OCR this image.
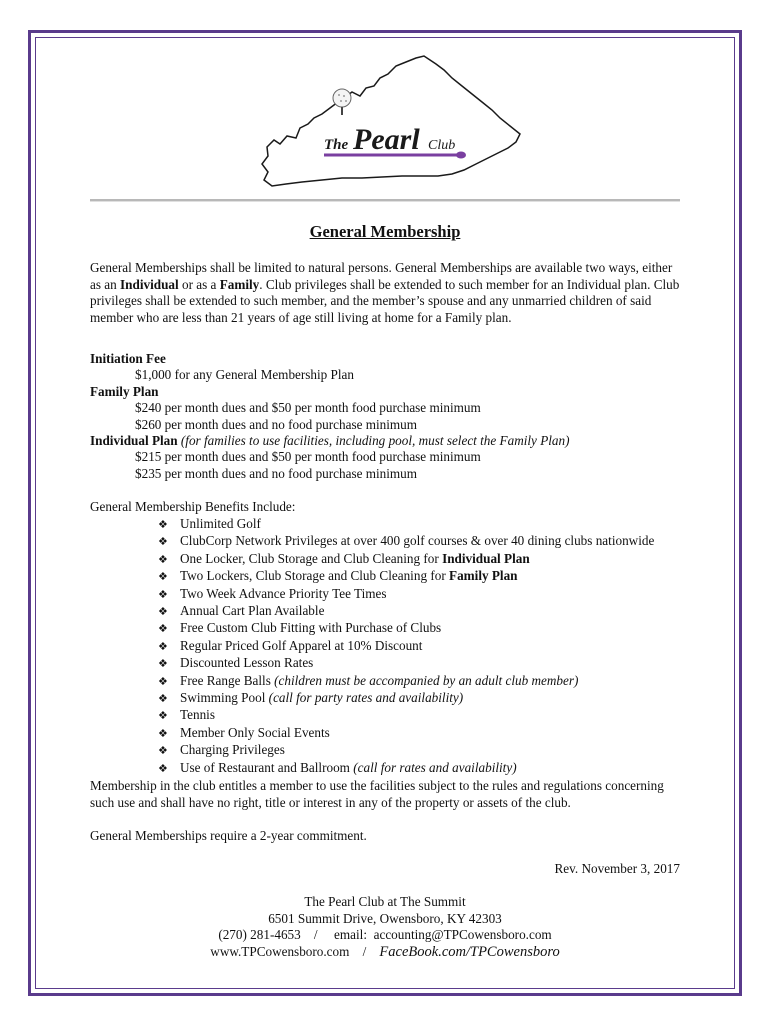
The Pearl Club
General Membership
General Memberships shall be limited to natural persons. General Memberships are available two ways, either as an Individual or as a Family. Club privileges shall be extended to such member for an Individual plan. Club privileges shall be extended to such member, and the member’s spouse and any unmarried children of said member who are less than 21 years of age still living at home for a Family plan.
Initiation Fee
$1,000 for any General Membership Plan
Family Plan
$240 per month dues and $50 per month food purchase minimum
$260 per month dues and no food purchase minimum
Individual Plan (for families to use facilities, including pool, must select the Family Plan)
$215 per month dues and $50 per month food purchase minimum
$235 per month dues and no food purchase minimum
General Membership Benefits Include:
❖ Unlimited Golf
❖ ClubCorp Network Privileges at over 400 golf courses & over 40 dining clubs nationwide
❖ One Locker, Club Storage and Club Cleaning for Individual Plan
❖ Two Lockers, Club Storage and Club Cleaning for Family Plan
❖ Two Week Advance Priority Tee Times
❖ Annual Cart Plan Available
❖ Free Custom Club Fitting with Purchase of Clubs
❖ Regular Priced Golf Apparel at 10% Discount
❖ Discounted Lesson Rates
❖ Free Range Balls (children must be accompanied by an adult club member)
❖ Swimming Pool (call for party rates and availability)
❖ Tennis
❖ Member Only Social Events
❖ Charging Privileges
❖ Use of Restaurant and Ballroom (call for rates and availability)
Membership in the club entitles a member to use the facilities subject to the rules and regulations concerning such use and shall have no right, title or interest in any of the property or assets of the club.
General Memberships require a 2-year commitment.
Rev. November 3, 2017
The Pearl Club at The Summit
6501 Summit Drive, Owensboro, KY 42303
(270) 281-4653    /     email:  accounting@TPCowensboro.com
www.TPCowensboro.com    /    FaceBook.com/TPCowensboro
